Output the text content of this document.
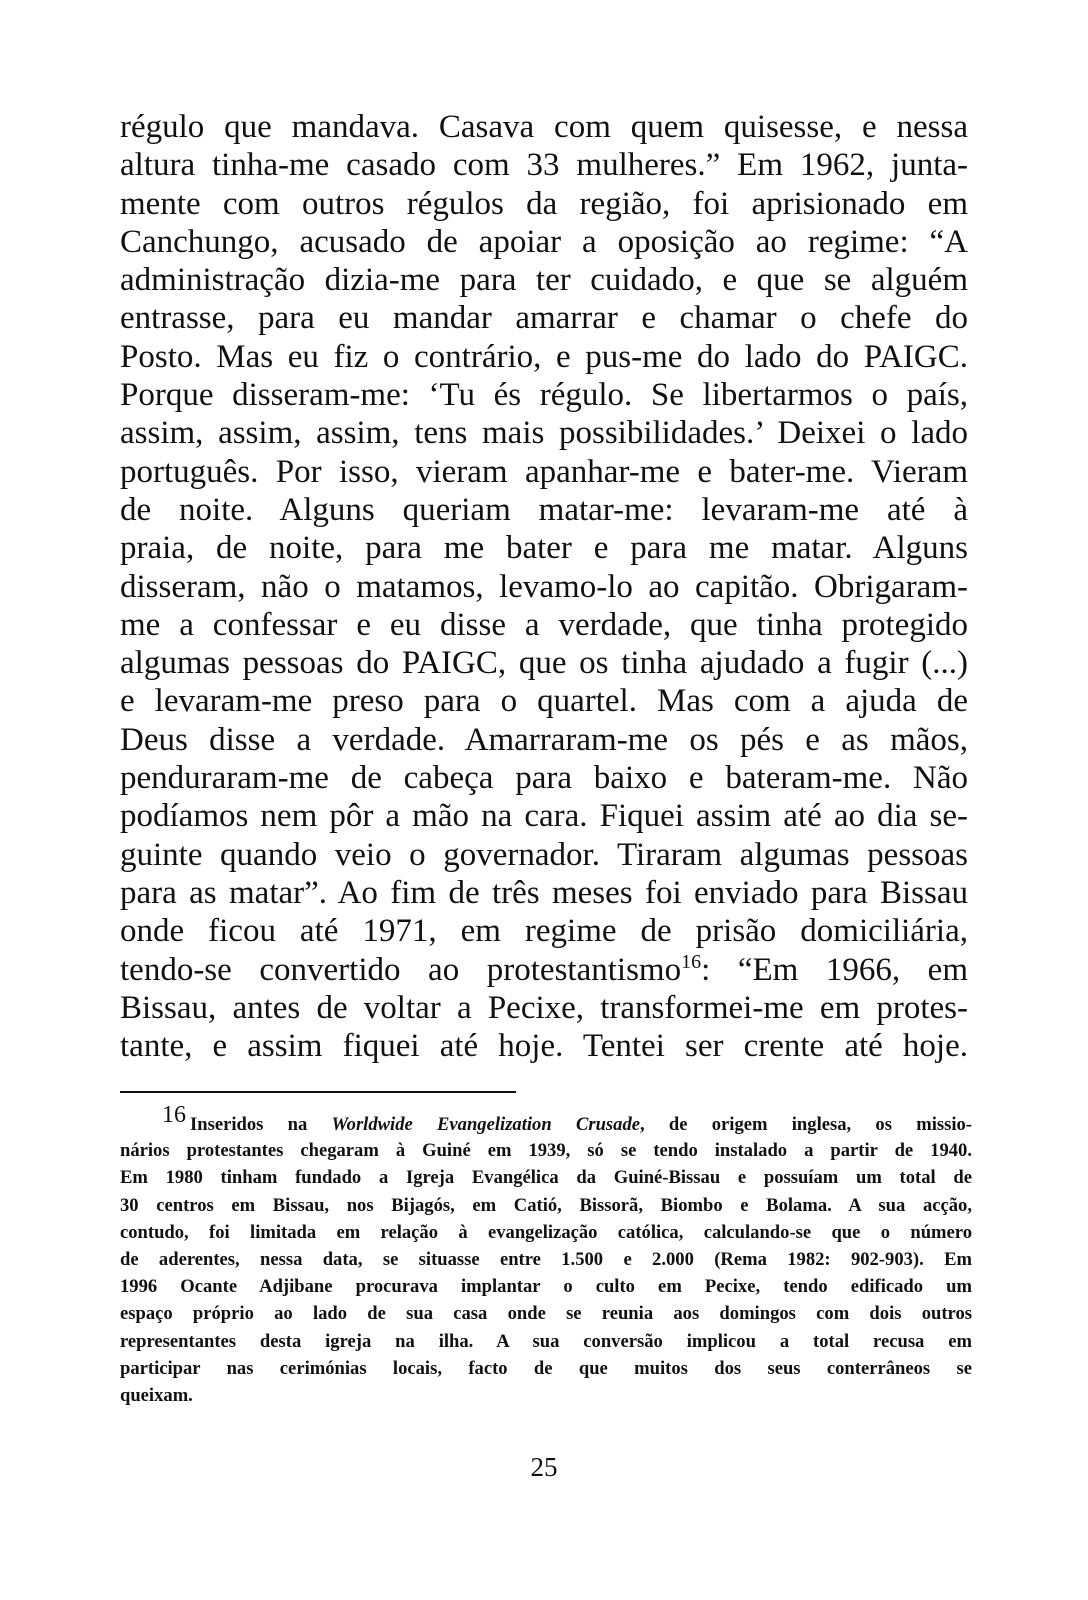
régulo que mandava. Casava com quem quisesse, e nessa
altura tinha-me casado com 33 mulheres.” Em 1962, junta-
mente com outros régulos da região, foi aprisionado em
Canchungo, acusado de apoiar a oposição ao regime: “A
administração dizia-me para ter cuidado, e que se alguém
entrasse, para eu mandar amarrar e chamar o chefe do
Posto. Mas eu fiz o contrário, e pus-me do lado do PAIGC.
Porque disseram-me: ‘Tu és régulo. Se libertarmos o país,
assim, assim, assim, tens mais possibilidades.’ Deixei o lado
português. Por isso, vieram apanhar-me e bater-me. Vieram
de noite. Alguns queriam matar-me: levaram-me até à
praia, de noite, para me bater e para me matar. Alguns
disseram, não o matamos, levamo-lo ao capitão. Obrigaram-
me a confessar e eu disse a verdade, que tinha protegido
algumas pessoas do PAIGC, que os tinha ajudado a fugir (...)
e levaram-me preso para o quartel. Mas com a ajuda de
Deus disse a verdade. Amarraram-me os pés e as mãos,
penduraram-me de cabeça para baixo e bateram-me. Não
podíamos nem pôr a mão na cara. Fiquei assim até ao dia se-
guinte quando veio o governador. Tiraram algumas pessoas
para as matar”. Ao fim de três meses foi enviado para Bissau
onde ficou até 1971, em regime de prisão domiciliária,
tendo-se convertido ao protestantismo$^{16}$: “Em 1966, em
Bissau, antes de voltar a Pecixe, transformei-me em protes-
tante, e assim fiquei até hoje. Tentei ser crente até hoje.
16 Inseridos na Worldwide Evangelization Crusade, de origem inglesa, os missio-
nários protestantes chegaram à Guiné em 1939, só se tendo instalado a partir de 1940.
Em 1980 tinham fundado a Igreja Evangélica da Guiné-Bissau e possuíam um total de
30 centros em Bissau, nos Bijagós, em Catió, Bissorã, Biombo e Bolama. A sua acção,
contudo, foi limitada em relação à evangelização católica, calculando-se que o número
de aderentes, nessa data, se situasse entre 1.500 e 2.000 (Rema 1982: 902-903). Em
1996 Ocante Adjibane procurava implantar o culto em Pecixe, tendo edificado um
espaço próprio ao lado de sua casa onde se reunia aos domingos com dois outros
representantes desta igreja na ilha. A sua conversão implicou a total recusa em
participar nas cerimónias locais, facto de que muitos dos seus conterrâneos se
queixam.
25
